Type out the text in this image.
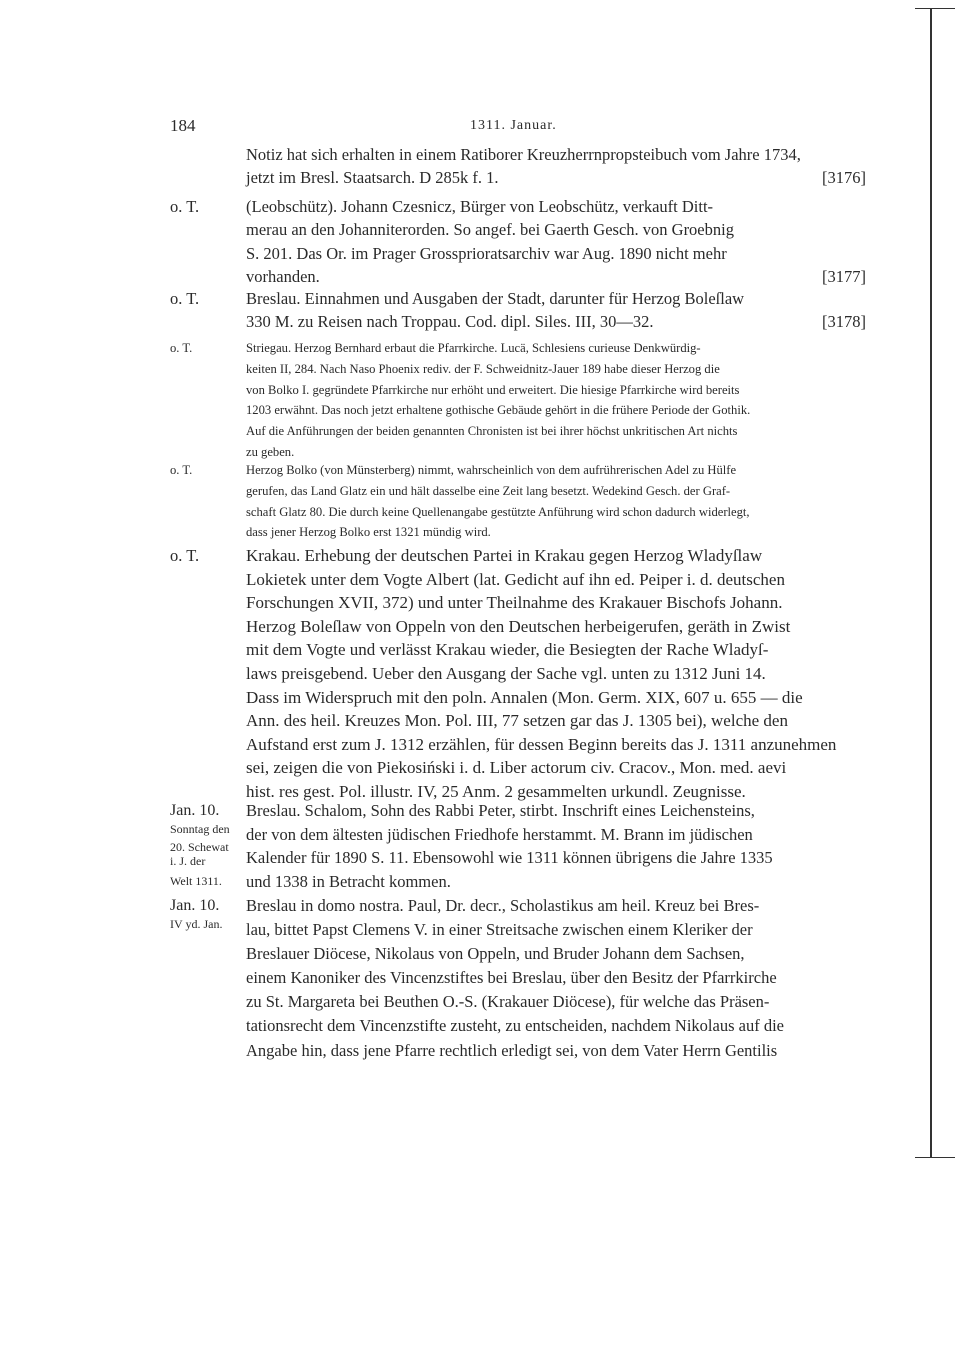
184	1311. Januar.
Notiz hat sich erhalten in einem Ratiborer Kreuzherrnpropsteibuch vom Jahre 1734,
jetzt im Bresl. Staatsarch. D 285k f. 1.	[3176]
o. T.	(Leobschütz). Johann Czesnicz, Bürger von Leobschütz, verkauft Ditt-
merau an den Johanniterorden. So angef. bei Gaerth Gesch. von Groebnig
S. 201. Das Or. im Prager Grossprioratsarchiv war Aug. 1890 nicht mehr
vorhanden.	[3177]
o. T.	Breslau. Einnahmen und Ausgaben der Stadt, darunter für Herzog Boleſlaw
330 M. zu Reisen nach Troppau. Cod. dipl. Siles. III, 30—32.	[3178]
o. T.	Striegau. Herzog Bernhard erbaut die Pfarrkirche. Lucä, Schlesiens curieuse Denkwürdig-
keiten II, 284. Nach Naso Phoenix rediv. der F. Schweidnitz-Jauer 189 habe dieser Herzog die
von Bolko I. gegründete Pfarrkirche nur erhöht und erweitert. Die hiesige Pfarrkirche wird bereits
1203 erwähnt. Das noch jetzt erhaltene gothische Gebäude gehört in die frühere Periode der Gothik.
Auf die Anführungen der beiden genannten Chronisten ist bei ihrer höchst unkritischen Art nichts
zu geben.
o. T.	Herzog Bolko (von Münsterberg) nimmt, wahrscheinlich von dem aufrührerischen Adel zu Hülfe
gerufen, das Land Glatz ein und hält dasselbe eine Zeit lang besetzt. Wedekind Gesch. der Graf-
schaft Glatz 80. Die durch keine Quellenangabe gestützte Anführung wird schon dadurch widerlegt,
dass jener Herzog Bolko erst 1321 mündig wird.
o. T.	Krakau. Erhebung der deutschen Partei in Krakau gegen Herzog Wladyſlaw
Lokietek unter dem Vogte Albert (lat. Gedicht auf ihn ed. Peiper i. d. deutschen
Forschungen XVII, 372) und unter Theilnahme des Krakauer Bischofs Johann.
Herzog Boleſlaw von Oppeln von den Deutschen herbeigerufen, geräth in Zwist
mit dem Vogte und verlässt Krakau wieder, die Besiegten der Rache Wladyſ-
laws preisgebend. Ueber den Ausgang der Sache vgl. unten zu 1312 Juni 14.
Dass im Widerspruch mit den poln. Annalen (Mon. Germ. XIX, 607 u. 655 — die
Ann. des heil. Kreuzes Mon. Pol. III, 77 setzen gar das J. 1305 bei), welche den
Aufstand erst zum J. 1312 erzählen, für dessen Beginn bereits das J. 1311 anzunehmen
sei, zeigen die von Piekosiński i. d. Liber actorum civ. Cracov., Mon. med. aevi
hist. res gest. Pol. illustr. IV, 25 Anm. 2 gesammelten urkundl. Zeugnisse.
Jan. 10.
Sonntag den
20. Schewat
i. J. der
Welt 1311.
Breslau. Schalom, Sohn des Rabbi Peter, stirbt. Inschrift eines Leichensteins,
der von dem ältesten jüdischen Friedhofe herstammt. M. Brann im jüdischen
Kalender für 1890 S. 11. Ebensowohl wie 1311 können übrigens die Jahre 1335
und 1338 in Betracht kommen.
Jan. 10.
IV yd. Jan.
Breslau in domo nostra. Paul, Dr. decr., Scholastikus am heil. Kreuz bei Bres-
lau, bittet Papst Clemens V. in einer Streitsache zwischen einem Kleriker der
Breslauer Diöcese, Nikolaus von Oppeln, und Bruder Johann dem Sachsen,
einem Kanoniker des Vincenzstiftes bei Breslau, über den Besitz der Pfarrkirche
zu St. Margareta bei Beuthen O.-S. (Krakauer Diöcese), für welche das Präsen-
tationsrecht dem Vincenzstifte zusteht, zu entscheiden, nachdem Nikolaus auf die
Angabe hin, dass jene Pfarre rechtlich erledigt sei, von dem Vater Herrn Gentilis
